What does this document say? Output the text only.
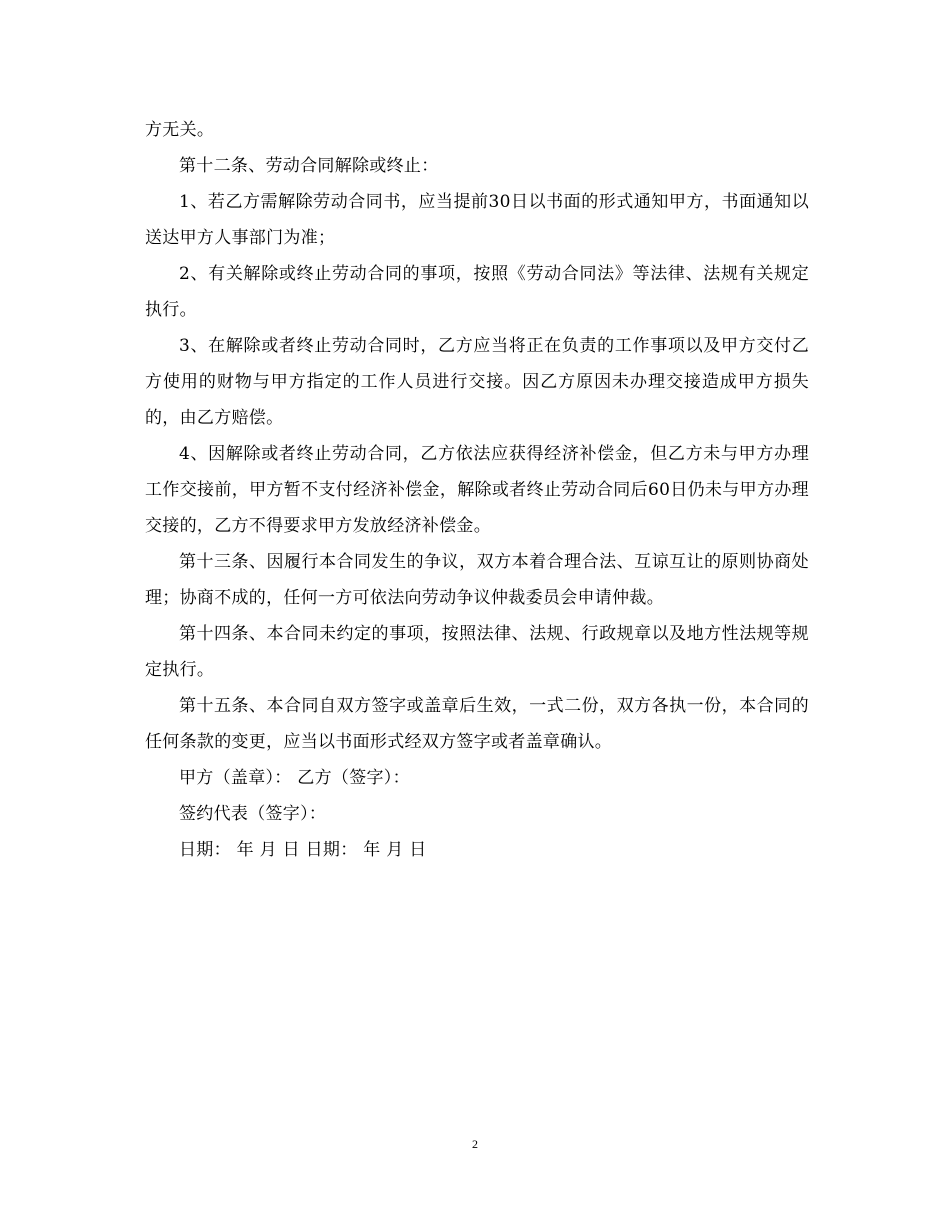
方无关。

第十二条、劳动合同解除或终止：

1、若乙方需解除劳动合同书，应当提前30日以书面的形式通知甲方，书面通知以送达甲方人事部门为准；

2、有关解除或终止劳动合同的事项，按照《劳动合同法》等法律、法规有关规定执行。

3、在解除或者终止劳动合同时，乙方应当将正在负责的工作事项以及甲方交付乙方使用的财物与甲方指定的工作人员进行交接。因乙方原因未办理交接造成甲方损失的，由乙方赔偿。

4、因解除或者终止劳动合同，乙方依法应获得经济补偿金，但乙方未与甲方办理工作交接前，甲方暂不支付经济补偿金，解除或者终止劳动合同后60日仍未与甲方办理交接的，乙方不得要求甲方发放经济补偿金。

第十三条、因履行本合同发生的争议，双方本着合理合法、互谅互让的原则协商处理；协商不成的，任何一方可依法向劳动争议仲裁委员会申请仲裁。

第十四条、本合同未约定的事项，按照法律、法规、行政规章以及地方性法规等规定执行。

第十五条、本合同自双方签字或盖章后生效，一式二份，双方各执一份，本合同的任何条款的变更，应当以书面形式经双方签字或者盖章确认。

甲方（盖章）： 乙方（签字）：

签约代表（签字）：

日期： 年 月 日 日期： 年 月 日

2
